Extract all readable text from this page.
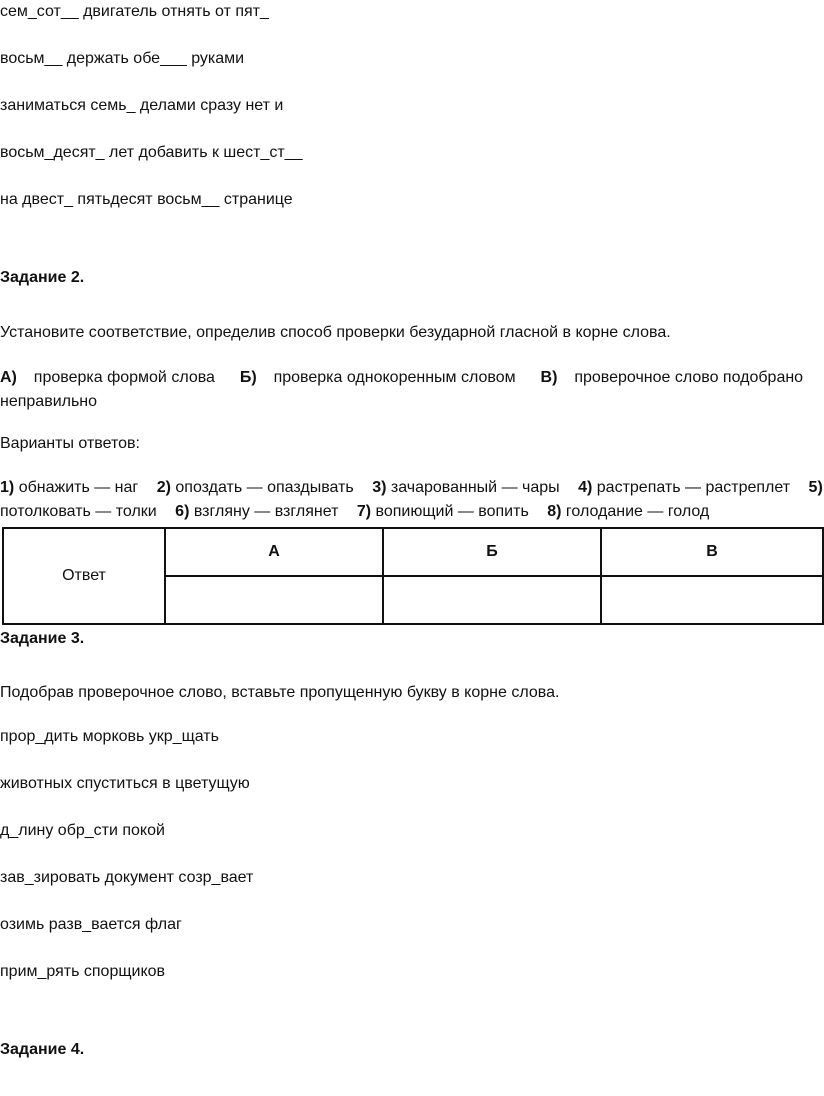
сем_сот__ двигатель отнять от пят_
восьм__ держать обе___ руками
заниматься семь_ делами сразу нет и
восьм_десят_ лет добавить к шест_ст__
на двест_ пятьдесят восьм__ странице
Задание 2.
Установите соответствие, определив способ проверки безударной гласной в корне слова.
А) проверка формой слова Б) проверка однокоренным словом В) проверочное слово подобрано
неправильно
Варианты ответов:
1) обнажить — наг 2) опоздать — опаздывать 3) зачарованный — чары 4) растрепать — растреплет 5)
потолковать — толки 6) взгляну — взглянет 7) вопиющий — вопить 8) голодание — голод
Ответ	А	Б	В

Задание 3.
Подобрав проверочное слово, вставьте пропущенную букву в корне слова.
прор_дить морковь укр_щать
животных спуститься в цветущую
д_лину обр_сти покой
зав_зировать документ созр_вает
озимь разв_вается флаг
прим_рять спорщиков
Задание 4.
